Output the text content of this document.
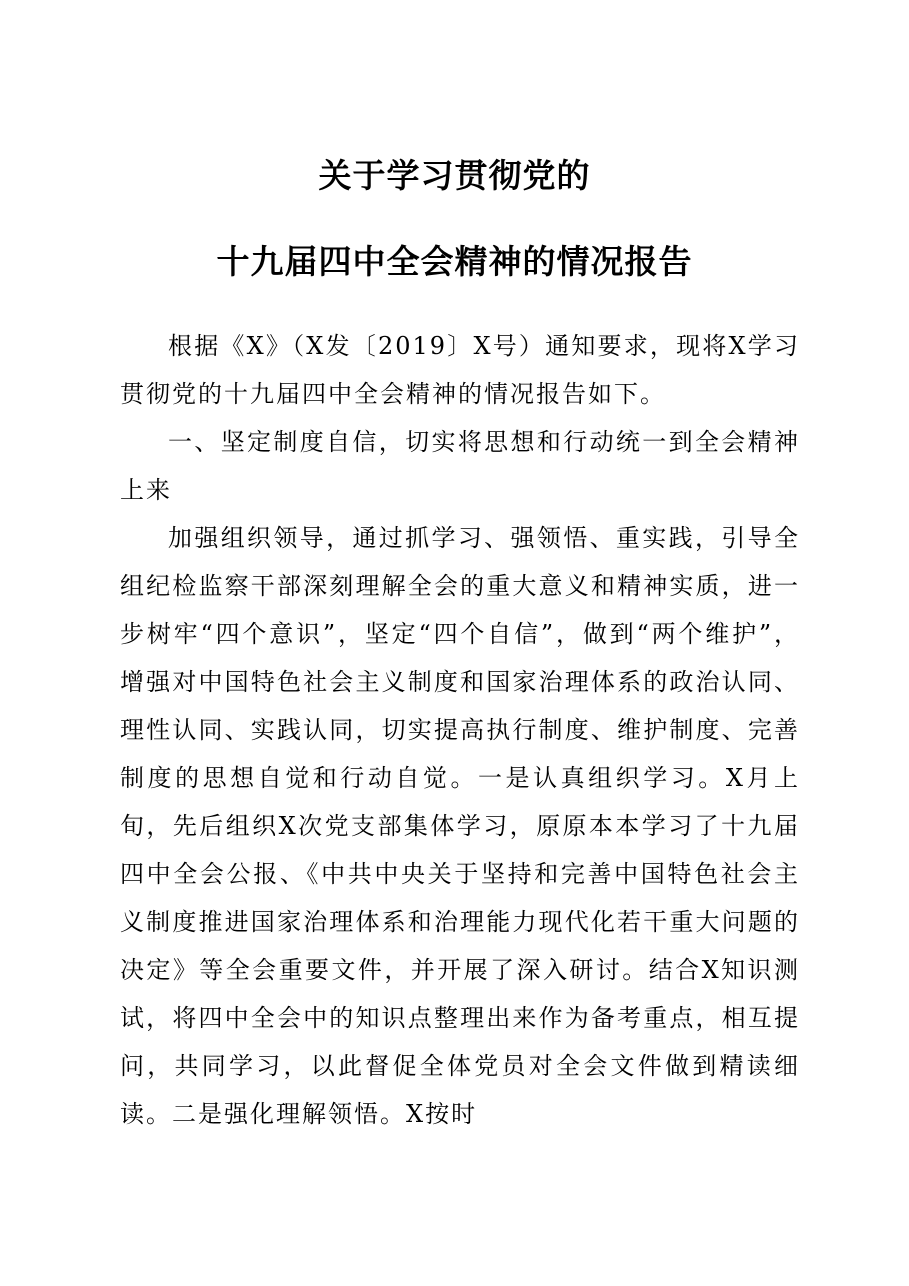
关于学习贯彻党的
十九届四中全会精神的情况报告

根据《X》（X发〔2019〕X号）通知要求，现将X学习贯彻党的十九届四中全会精神的情况报告如下。

一、坚定制度自信，切实将思想和行动统一到全会精神上来

加强组织领导，通过抓学习、强领悟、重实践，引导全组纪检监察干部深刻理解全会的重大意义和精神实质，进一步树牢“四个意识”，坚定“四个自信”，做到“两个维护”，增强对中国特色社会主义制度和国家治理体系的政治认同、理性认同、实践认同，切实提高执行制度、维护制度、完善制度的思想自觉和行动自觉。一是认真组织学习。X月上旬，先后组织X次党支部集体学习，原原本本学习了十九届四中全会公报、《中共中央关于坚持和完善中国特色社会主义制度推进国家治理体系和治理能力现代化若干重大问题的决定》等全会重要文件，并开展了深入研讨。结合X知识测试，将四中全会中的知识点整理出来作为备考重点，相互提问，共同学习，以此督促全体党员对全会文件做到精读细读。二是强化理解领悟。X按时
